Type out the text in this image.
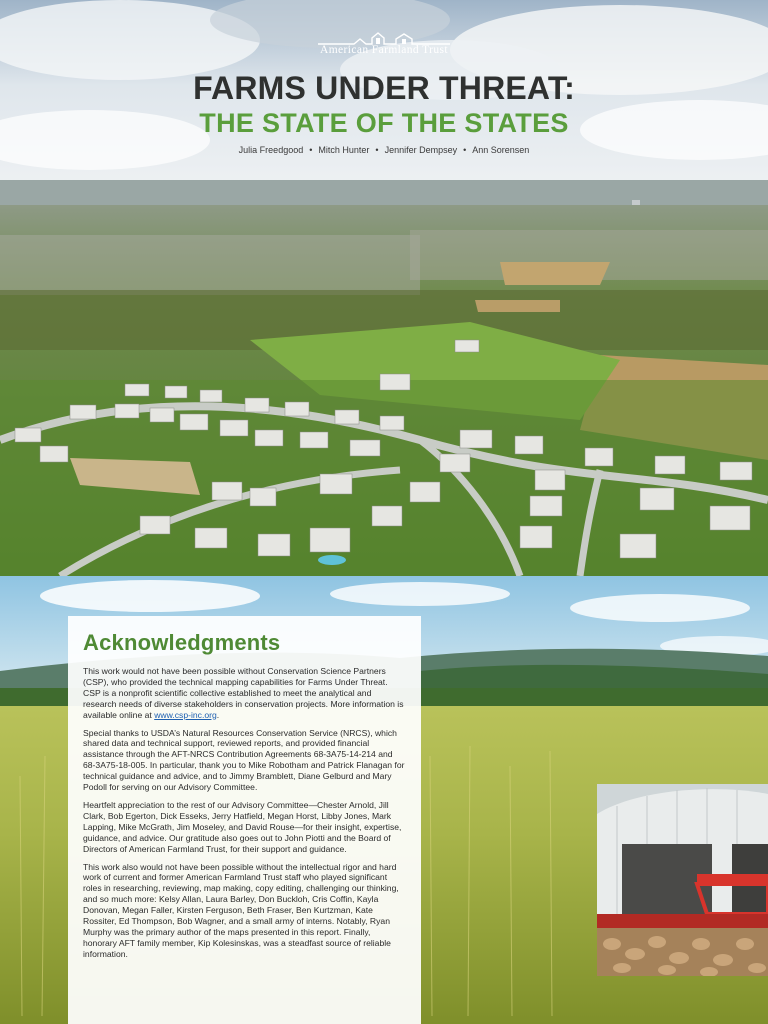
American Farmland Trust
FARMS UNDER THREAT:
THE STATE OF THE STATES
Julia Freedgood • Mitch Hunter • Jennifer Dempsey • Ann Sorensen
Acknowledgments

This work would not have been possible without Conservation Science Partners (CSP), who provided the technical mapping capabilities for Farms Under Threat. CSP is a nonprofit scientific collective established to meet the analytical and research needs of diverse stakeholders in conservation projects. More information is available online at www.csp-inc.org.

Special thanks to USDA’s Natural Resources Conservation Service (NRCS), which shared data and technical support, reviewed reports, and provided financial assistance through the AFT-NRCS Contribution Agreements 68-3A75-14-214 and 68-3A75-18-005. In particular, thank you to Mike Robotham and Patrick Flanagan for technical guidance and advice, and to Jimmy Bramblett, Diane Gelburd and Mary Podoll for serving on our Advisory Committee.

Heartfelt appreciation to the rest of our Advisory Committee—Chester Arnold, Jill Clark, Bob Egerton, Dick Esseks, Jerry Hatfield, Megan Horst, Libby Jones, Mark Lapping, Mike McGrath, Jim Moseley, and David Rouse—for their insight, expertise, guidance, and advice. Our gratitude also goes out to John Piotti and the Board of Directors of American Farmland Trust, for their support and guidance.

This work also would not have been possible without the intellectual rigor and hard work of current and former American Farmland Trust staff who played significant roles in researching, reviewing, map making, copy editing, challenging our thinking, and so much more: Kelsy Allan, Laura Barley, Don Buckloh, Cris Coffin, Kayla Donovan, Megan Faller, Kirsten Ferguson, Beth Fraser, Ben Kurtzman, Kate Rossiter, Ed Thompson, Bob Wagner, and a small army of interns. Notably, Ryan Murphy was the primary author of the maps presented in this report. Finally, honorary AFT family member, Kip Kolesinskas, was a steadfast source of reliable information.
